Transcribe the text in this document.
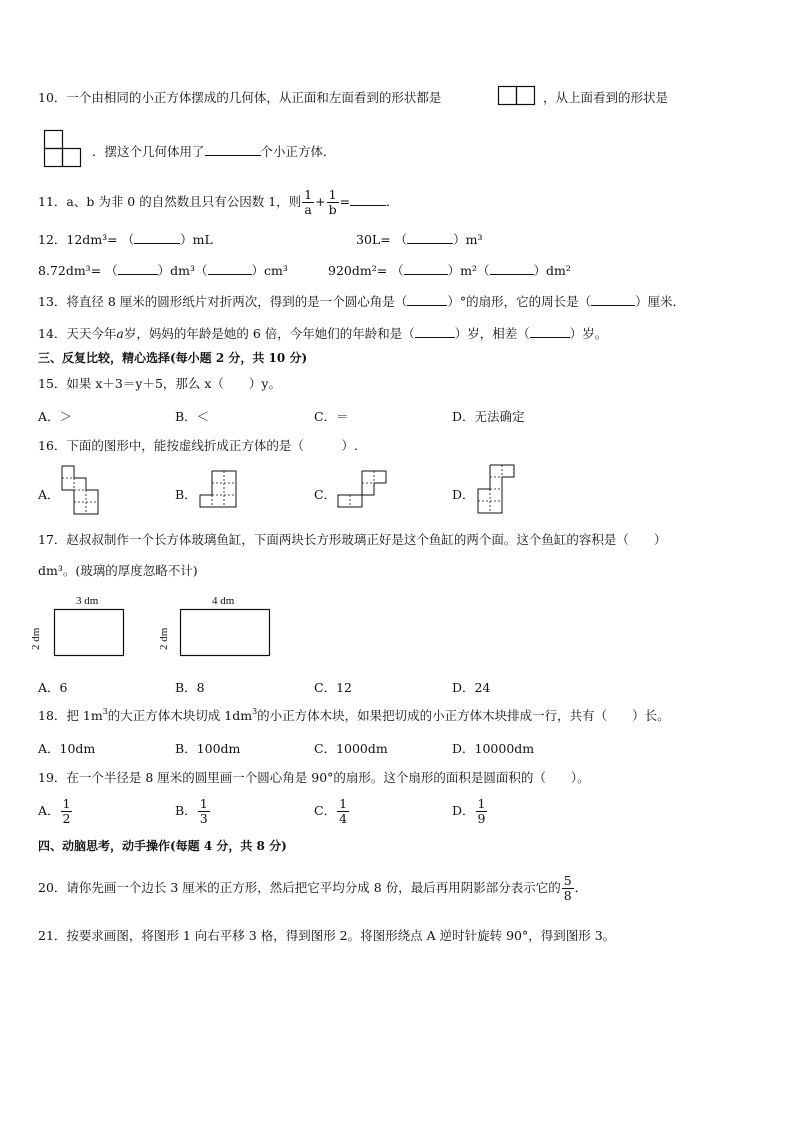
10．一个由相同的小正方体摆成的几何体，从正面和左面看到的形状都是	，从上面看到的形状是
．摆这个几何体用了	个小正方体．
11．a、b 为非 0 的自然数且只有公因数 1，则 $\frac{1}{a} + \frac{1}{b}$ =	．
12．12dm³= （	）mL	30L= （	）m³
8.72dm³= （	）dm³（	）cm³	920dm²= （	）m²（	）dm²
13．将直径 8 厘米的圆形纸片对折两次，得到的是一个圆心角是（	）°的扇形，它的周长是（	）厘米．
14．天天今年a岁，妈妈的年龄是她的 6 倍，今年她们的年龄和是（	）岁，相差（	）岁。
三、反复比较，精心选择(每小题 2 分，共 10 分)
15．如果 x＋3＝y＋5，那么 x（　　）y。
A．＞	B．＜	C．＝	D．无法确定
16．下面的图形中，能按虚线折成正方体的是（　　　）.
A．	B．	C．	D．
17．赵叔叔制作一个长方体玻璃鱼缸，下面两块长方形玻璃正好是这个鱼缸的两个面。这个鱼缸的容积是（　　）
dm³。(玻璃的厚度忽略不计)
3 dm
2 dm
4 dm
2 dm
A．6	B．8	C．12	D．24
18．把 $1m^3$的大正方体木块切成 $1dm^3$的小正方体木块，如果把切成的小正方体木块排成一行，共有（　　）长。
A．10dm	B．100dm	C．1000dm	D．10000dm
19．在一个半径是 8 厘米的圆里画一个圆心角是 90°的扇形。这个扇形的面积是圆面积的（　　）。
A． $\frac{1}{2}$	B． $\frac{1}{3}$	C． $\frac{1}{4}$	D． $\frac{1}{9}$
四、动脑思考，动手操作(每题 4 分，共 8 分)
20．请你先画一个边长 3 厘米的正方形，然后把它平均分成 8 份，最后再用阴影部分表示它的 $\frac{5}{8}$ ．
21．按要求画图，将图形 1 向右平移 3 格，得到图形 2。将图形绕点 A 逆时针旋转 90°，得到图形 3。
